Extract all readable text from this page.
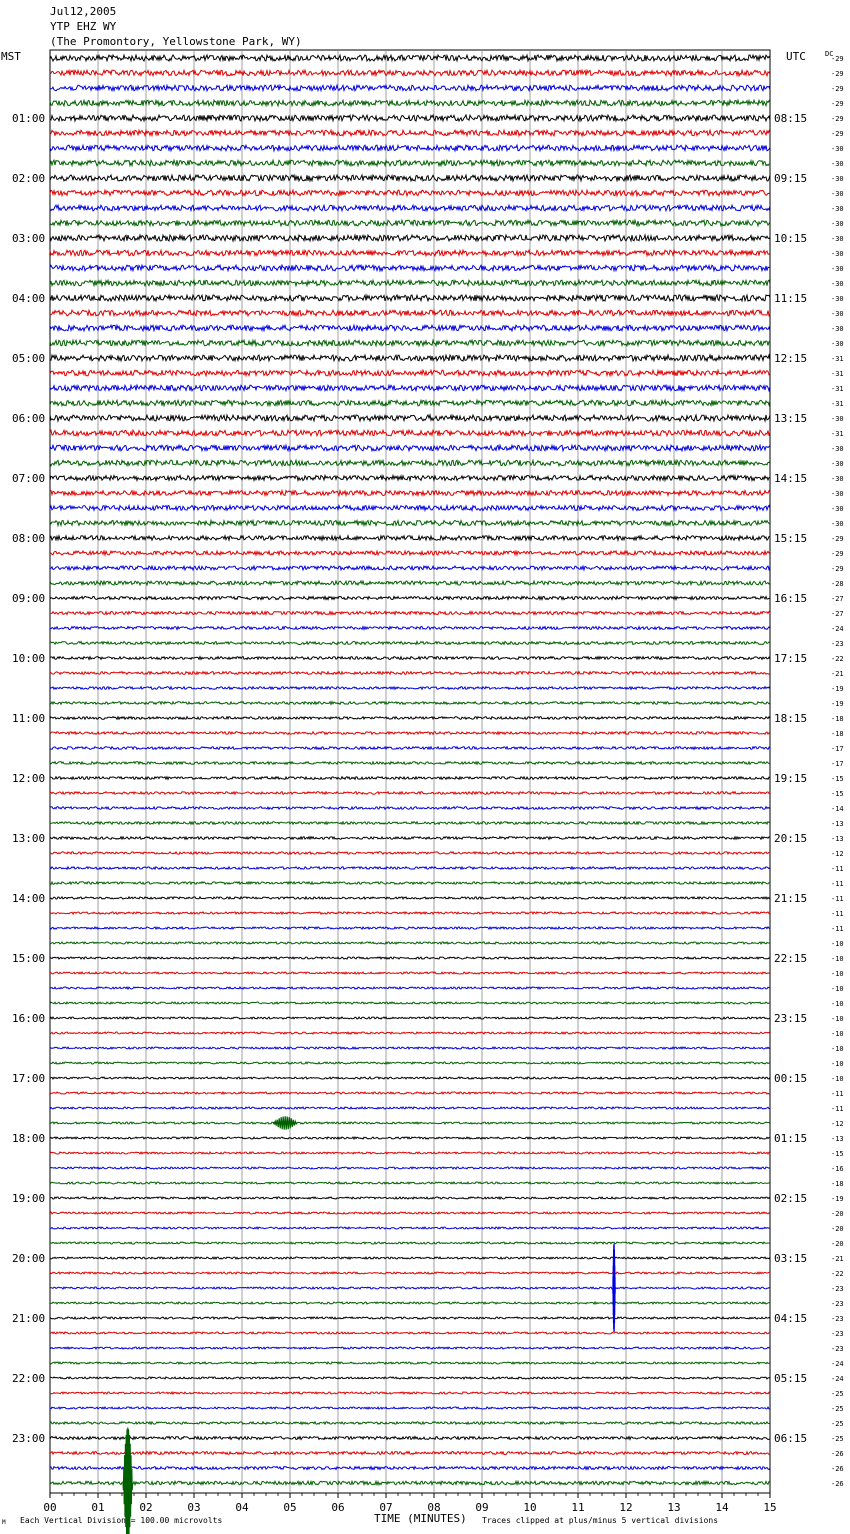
Jul12,2005
YTP EHZ WY
(The Promontory, Yellowstone Park, WY)
MST	UTC	DC
-29
-29
-29
-29
-29
-29
-30
-30
-30
-30
-30
-30
-30
-30
-30
-30
-30
-30
-30
-30
-31
-31
-31
-31
-30
-31
-30
-30
-30
-30
-30
-30
-29
-29
-29
-28
-27
-27
-24
-23
-22
-21
-19
-19
-18
-18
-17
-17
-15
-15
-14
-13
-13
-12
-11
-11
-11
-11
-11
-10
-10
-10
-10
-10
-10
-10
-10
-10
-10
-11
-11
-12
-13
-15
-16
-18
-19
-20
-20
-20
-21
-22
-23
-23
-23
-23
-23
-24
-24
-25
-25
-25
-25
-26
-26
-26
01:00
02:00
03:00
04:00
05:00
06:00
07:00
08:00
09:00
10:00
11:00
12:00
13:00
14:00
15:00
16:00
17:00
18:00
19:00
20:00
21:00
22:00
23:00
08:15
09:15
10:15
11:15
12:15
13:15
14:15
15:15
16:15
17:15
18:15
19:15
20:15
21:15
22:15
23:15
00:15
01:15
02:15
03:15
04:15
05:15
06:15
00	01	02	03	04	05	06	07	08	09	10	11	12	13	14	15
M Each Vertical Division = 100.00 microvolts	TIME (MINUTES) Traces clipped at plus/minus 5 vertical divisions
